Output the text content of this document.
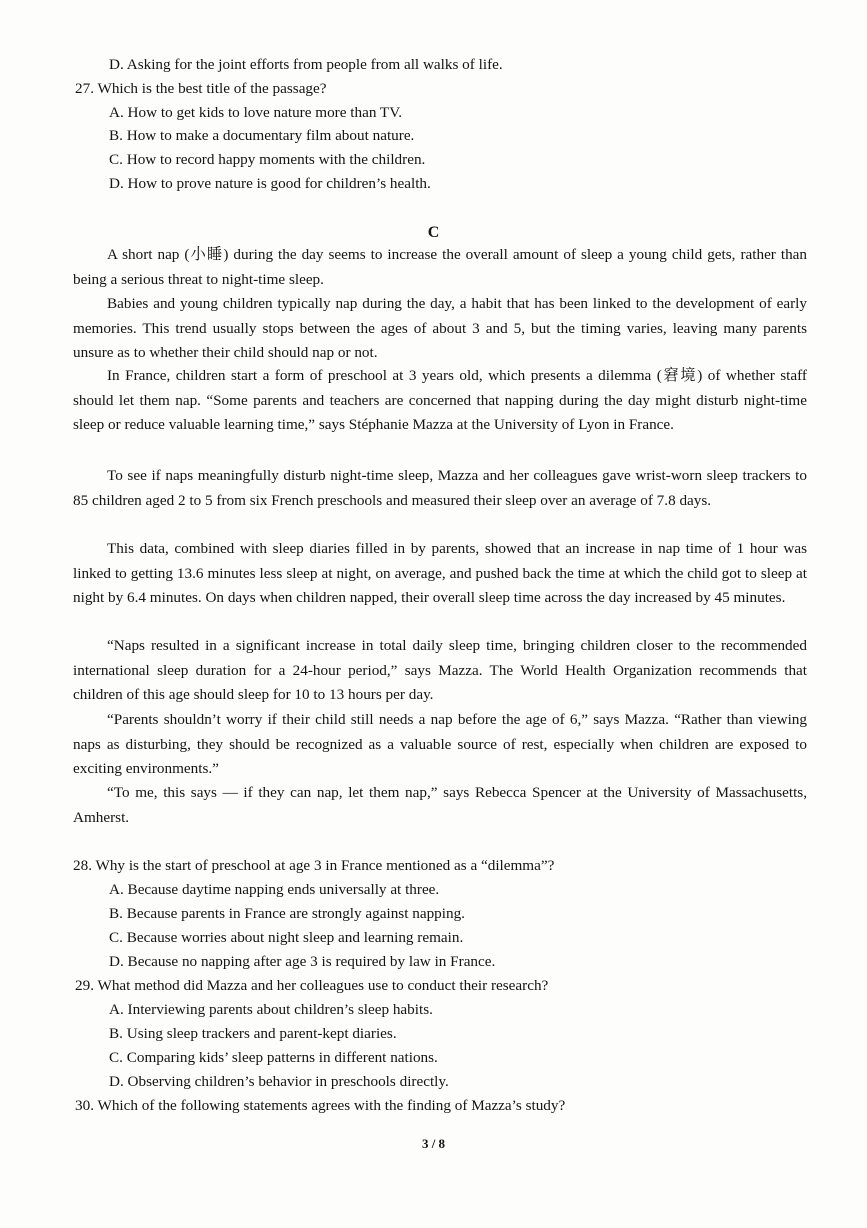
D. Asking for the joint efforts from people from all walks of life.
27. Which is the best title of the passage?
A. How to get kids to love nature more than TV.
B. How to make a documentary film about nature.
C. How to record happy moments with the children.
D. How to prove nature is good for children’s health.
C
A short nap (小睡) during the day seems to increase the overall amount of sleep a young child gets, rather than being a serious threat to night-time sleep.
Babies and young children typically nap during the day, a habit that has been linked to the development of early memories. This trend usually stops between the ages of about 3 and 5, but the timing varies, leaving many parents unsure as to whether their child should nap or not.
In France, children start a form of preschool at 3 years old, which presents a dilemma (窘境) of whether staff should let them nap. “Some parents and teachers are concerned that napping during the day might disturb night-time sleep or reduce valuable learning time,” says Stéphanie Mazza at the University of Lyon in France.
To see if naps meaningfully disturb night-time sleep, Mazza and her colleagues gave wrist-worn sleep trackers to 85 children aged 2 to 5 from six French preschools and measured their sleep over an average of 7.8 days.
This data, combined with sleep diaries filled in by parents, showed that an increase in nap time of 1 hour was linked to getting 13.6 minutes less sleep at night, on average, and pushed back the time at which the child got to sleep at night by 6.4 minutes. On days when children napped, their overall sleep time across the day increased by 45 minutes.
“Naps resulted in a significant increase in total daily sleep time, bringing children closer to the recommended international sleep duration for a 24-hour period,” says Mazza. The World Health Organization recommends that children of this age should sleep for 10 to 13 hours per day.
“Parents shouldn’t worry if their child still needs a nap before the age of 6,” says Mazza. “Rather than viewing naps as disturbing, they should be recognized as a valuable source of rest, especially when children are exposed to exciting environments.”
“To me, this says — if they can nap, let them nap,” says Rebecca Spencer at the University of Massachusetts, Amherst.
28. Why is the start of preschool at age 3 in France mentioned as a “dilemma”?
A. Because daytime napping ends universally at three.
B. Because parents in France are strongly against napping.
C. Because worries about night sleep and learning remain.
D. Because no napping after age 3 is required by law in France.
29. What method did Mazza and her colleagues use to conduct their research?
A. Interviewing parents about children’s sleep habits.
B. Using sleep trackers and parent-kept diaries.
C. Comparing kids’ sleep patterns in different nations.
D. Observing children’s behavior in preschools directly.
30. Which of the following statements agrees with the finding of Mazza’s study?
3 / 8
